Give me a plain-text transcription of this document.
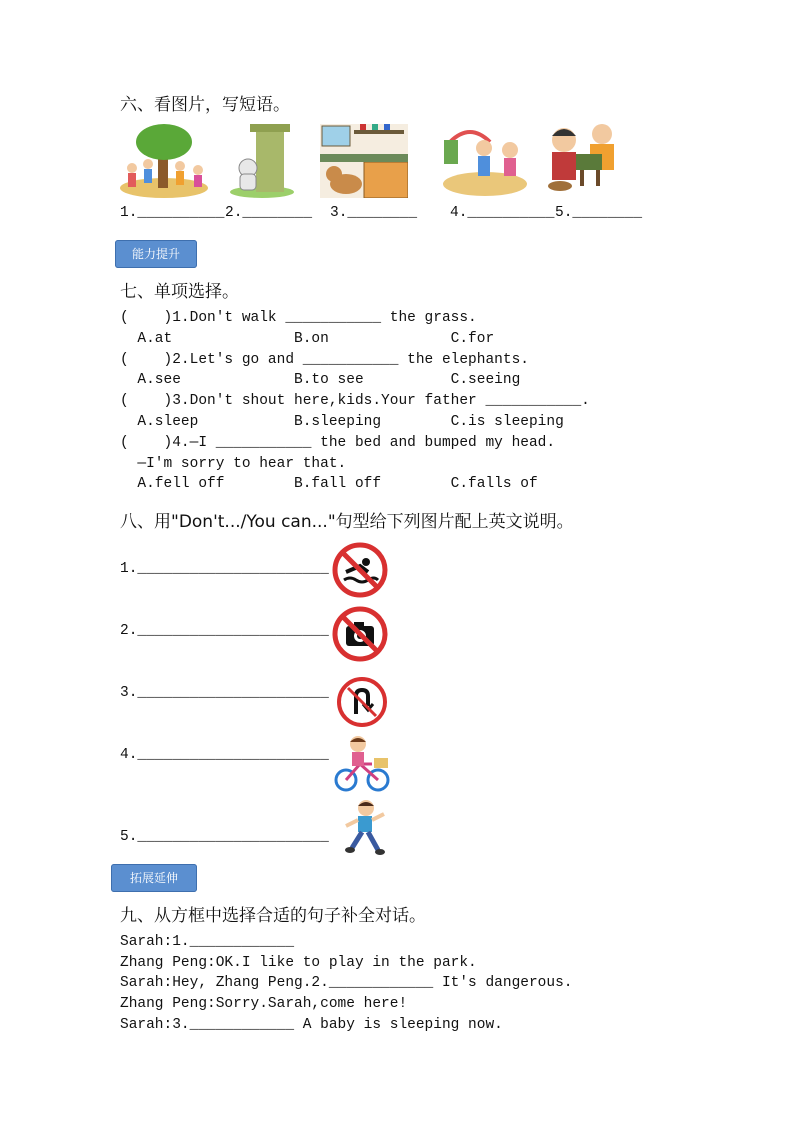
六、看图片，写短语。
1.__________ 2.________ 3.________ 4.__________ 5.________
能力提升
七、单项选择。
(    )1.Don't walk ___________ the grass.
A.at              B.on              C.for
(    )2.Let's go and ___________ the elephants.
A.see             B.to see          C.seeing
(    )3.Don't shout here,kids.Your father ___________.
A.sleep           B.sleeping        C.is sleeping
(    )4.—I ___________ the bed and bumped my head.
—I'm sorry to hear that.
A.fell off        B.fall off        C.falls of
八、用"Don't.../You can..."句型给下列图片配上英文说明。
1.______________________
2.______________________
3.______________________
4.______________________
5.______________________
拓展延伸
九、从方框中选择合适的句子补全对话。
Sarah:1.____________
Zhang Peng:OK.I like to play in the park.
Sarah:Hey, Zhang Peng.2.____________ It's dangerous.
Zhang Peng:Sorry.Sarah,come here!
Sarah:3.____________ A baby is sleeping now.
